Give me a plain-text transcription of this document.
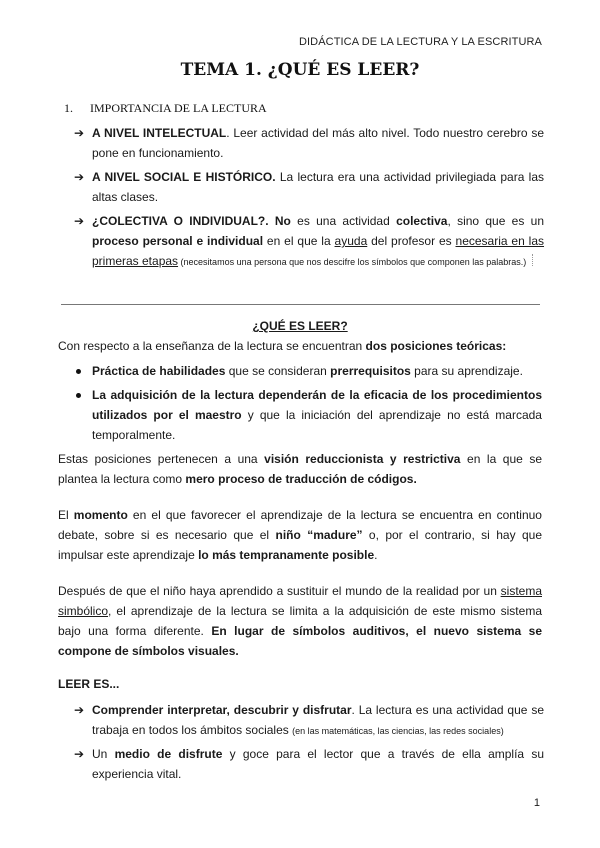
DIDÁCTICA DE LA LECTURA Y LA ESCRITURA
TEMA 1. ¿QUÉ ES LEER?
1. IMPORTANCIA DE LA LECTURA
➔ A NIVEL INTELECTUAL. Leer actividad del más alto nivel. Todo nuestro cerebro se pone en funcionamiento.
➔ A NIVEL SOCIAL E HISTÓRICO. La lectura era una actividad privilegiada para las altas clases.
➔ ¿COLECTIVA O INDIVIDUAL?. No es una actividad colectiva, sino que es un proceso personal e individual en el que la ayuda del profesor es necesaria en las primeras etapas (necesitamos una persona que nos descifre los símbolos que componen las palabras.)
¿QUÉ ES LEER?
Con respecto a la enseñanza de la lectura se encuentran dos posiciones teóricas:
Práctica de habilidades que se consideran prerrequisitos para su aprendizaje.
La adquisición de la lectura dependerán de la eficacia de los procedimientos utilizados por el maestro y que la iniciación del aprendizaje no está marcada temporalmente.
Estas posiciones pertenecen a una visión reduccionista y restrictiva en la que se plantea la lectura como mero proceso de traducción de códigos.
El momento en el que favorecer el aprendizaje de la lectura se encuentra en continuo debate, sobre si es necesario que el niño “madure” o, por el contrario, si hay que impulsar este aprendizaje lo más tempranamente posible.
Después de que el niño haya aprendido a sustituir el mundo de la realidad por un sistema simbólico, el aprendizaje de la lectura se limita a la adquisición de este mismo sistema bajo una forma diferente. En lugar de símbolos auditivos, el nuevo sistema se compone de símbolos visuales.
LEER ES...
➔ Comprender interpretar, descubrir y disfrutar. La lectura es una actividad que se trabaja en todos los ámbitos sociales (en las matemáticas, las ciencias, las redes sociales)
➔ Un medio de disfrute y goce para el lector que a través de ella amplía su experiencia vital.
1
